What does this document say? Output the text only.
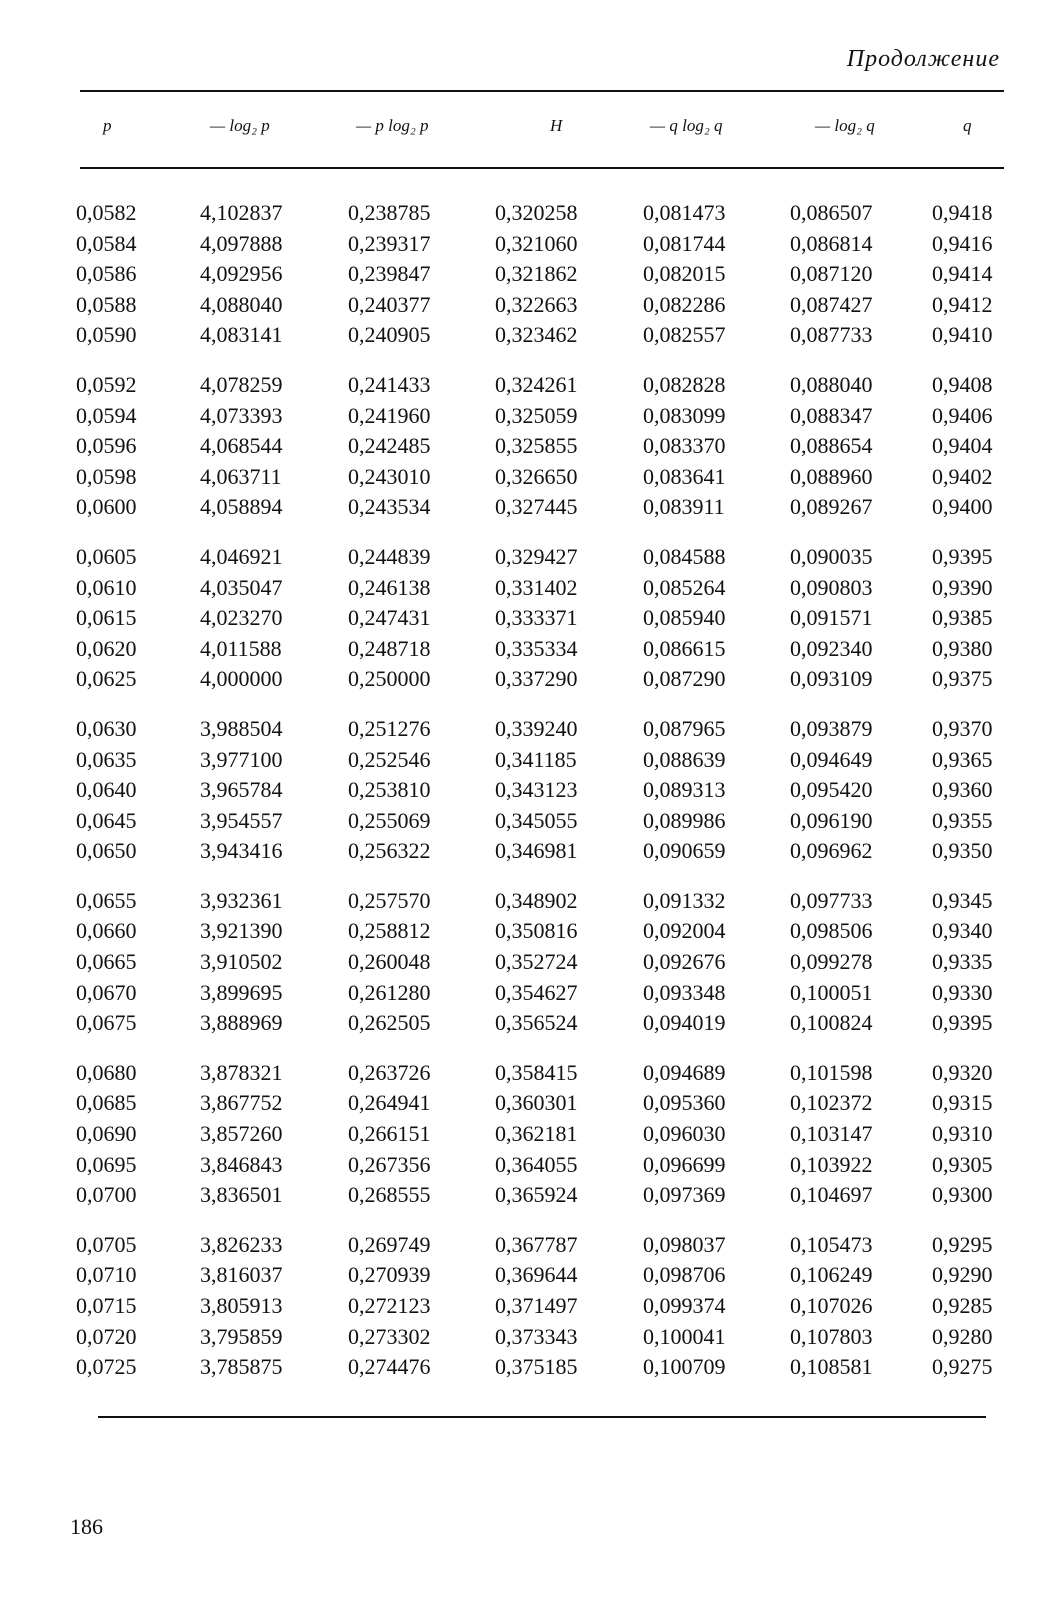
Продолжение
p	— log₂ p	— p log₂ p	H	— q log₂ q	— log₂ q	q
0,0582	4,102837	0,238785	0,320258	0,081473	0,086507	0,9418
0,0584	4,097888	0,239317	0,321060	0,081744	0,086814	0,9416
0,0586	4,092956	0,239847	0,321862	0,082015	0,087120	0,9414
0,0588	4,088040	0,240377	0,322663	0,082286	0,087427	0,9412
0,0590	4,083141	0,240905	0,323462	0,082557	0,087733	0,9410
0,0592	4,078259	0,241433	0,324261	0,082828	0,088040	0,9408
0,0594	4,073393	0,241960	0,325059	0,083099	0,088347	0,9406
0,0596	4,068544	0,242485	0,325855	0,083370	0,088654	0,9404
0,0598	4,063711	0,243010	0,326650	0,083641	0,088960	0,9402
0,0600	4,058894	0,243534	0,327445	0,083911	0,089267	0,9400
0,0605	4,046921	0,244839	0,329427	0,084588	0,090035	0,9395
0,0610	4,035047	0,246138	0,331402	0,085264	0,090803	0,9390
0,0615	4,023270	0,247431	0,333371	0,085940	0,091571	0,9385
0,0620	4,011588	0,248718	0,335334	0,086615	0,092340	0,9380
0,0625	4,000000	0,250000	0,337290	0,087290	0,093109	0,9375
0,0630	3,988504	0,251276	0,339240	0,087965	0,093879	0,9370
0,0635	3,977100	0,252546	0,341185	0,088639	0,094649	0,9365
0,0640	3,965784	0,253810	0,343123	0,089313	0,095420	0,9360
0,0645	3,954557	0,255069	0,345055	0,089986	0,096190	0,9355
0,0650	3,943416	0,256322	0,346981	0,090659	0,096962	0,9350
0,0655	3,932361	0,257570	0,348902	0,091332	0,097733	0,9345
0,0660	3,921390	0,258812	0,350816	0,092004	0,098506	0,9340
0,0665	3,910502	0,260048	0,352724	0,092676	0,099278	0,9335
0,0670	3,899695	0,261280	0,354627	0,093348	0,100051	0,9330
0,0675	3,888969	0,262505	0,356524	0,094019	0,100824	0,9395
0,0680	3,878321	0,263726	0,358415	0,094689	0,101598	0,9320
0,0685	3,867752	0,264941	0,360301	0,095360	0,102372	0,9315
0,0690	3,857260	0,266151	0,362181	0,096030	0,103147	0,9310
0,0695	3,846843	0,267356	0,364055	0,096699	0,103922	0,9305
0,0700	3,836501	0,268555	0,365924	0,097369	0,104697	0,9300
0,0705	3,826233	0,269749	0,367787	0,098037	0,105473	0,9295
0,0710	3,816037	0,270939	0,369644	0,098706	0,106249	0,9290
0,0715	3,805913	0,272123	0,371497	0,099374	0,107026	0,9285
0,0720	3,795859	0,273302	0,373343	0,100041	0,107803	0,9280
0,0725	3,785875	0,274476	0,375185	0,100709	0,108581	0,9275
186
